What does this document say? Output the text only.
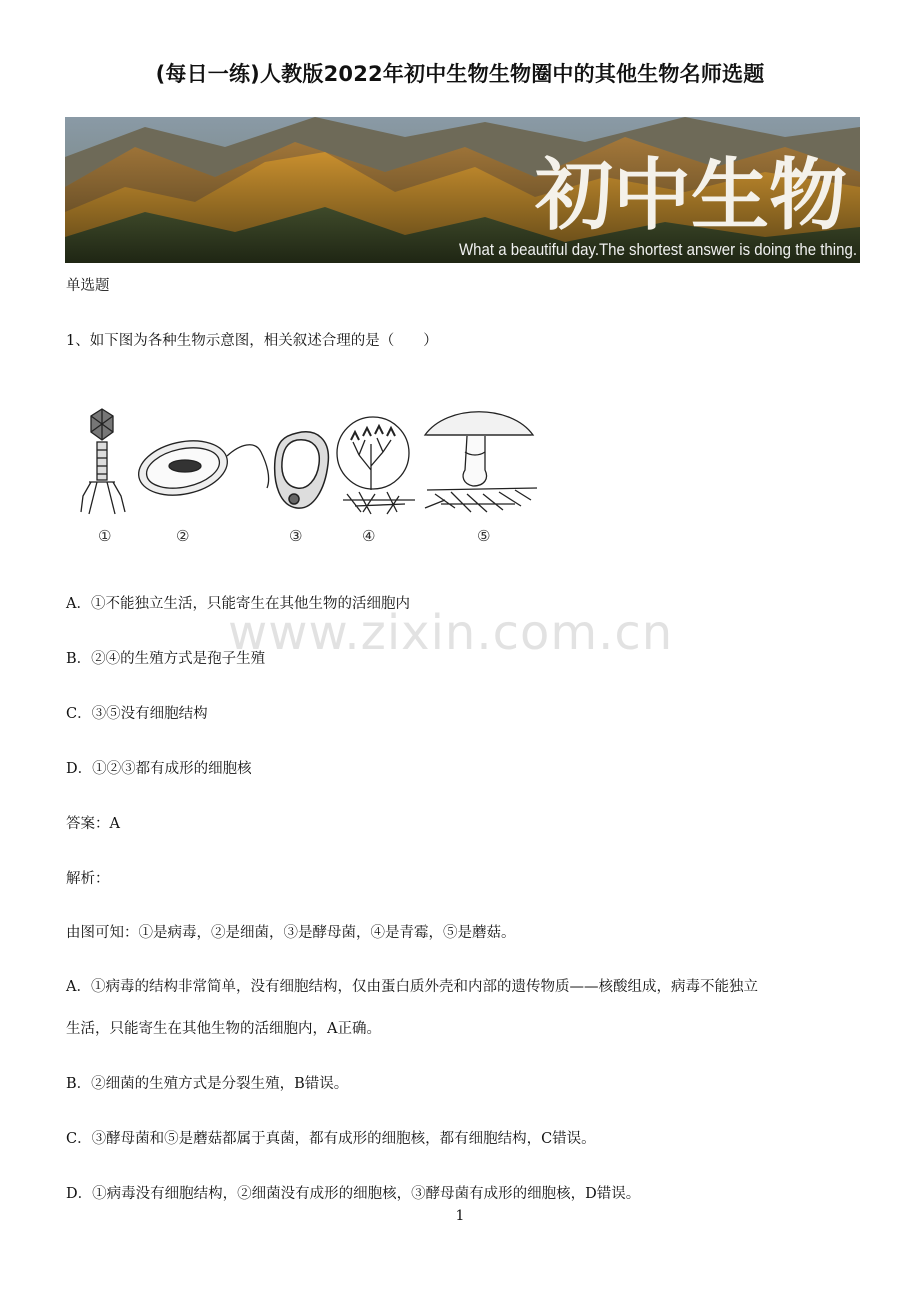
(每日一练)人教版2022年初中生物生物圈中的其他生物名师选题
初中生物
What a beautiful day.The shortest answer is doing the thing.
单选题
1、如下图为各种生物示意图，相关叙述合理的是（　　）
①	②	③	④	⑤
A．①不能独立生活，只能寄生在其他生物的活细胞内
B．②④的生殖方式是孢子生殖
C．③⑤没有细胞结构
D．①②③都有成形的细胞核
www.zixin.com.cn
答案：A
解析：
由图可知：①是病毒，②是细菌，③是酵母菌，④是青霉，⑤是蘑菇。
A．①病毒的结构非常简单，没有细胞结构，仅由蛋白质外壳和内部的遗传物质——核酸组成，病毒不能独立
生活，只能寄生在其他生物的活细胞内，A正确。
B．②细菌的生殖方式是分裂生殖，B错误。
C．③酵母菌和⑤是蘑菇都属于真菌，都有成形的细胞核，都有细胞结构，C错误。
D．①病毒没有细胞结构，②细菌没有成形的细胞核，③酵母菌有成形的细胞核，D错误。
1
